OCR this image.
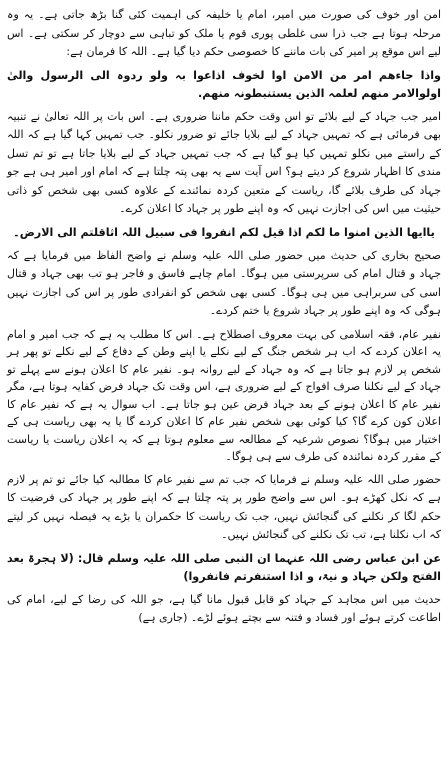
امن اور خوف کی صورت میں امیر، امام یا خلیفہ کی اہمیت کئی گنا بڑھ جاتی ہے۔ یہ وہ مرحلہ ہوتا ہے جب ذرا سی غلطی پوری قوم یا ملک کو تباہی سے دوچار کر سکتی ہے۔ اس لیے اس موقع پر امیر کی بات ماننے کا خصوصی حکم دیا گیا ہے۔ اللہ کا فرمان ہے:

واذا جاءھم امر من الامن اوا لخوف اذاعوا بہ ولو ردوہ الی الرسول والیٰ اولوالامر منھم لعلمہ الذین یستنبطونہ منھم.

امیر جب جہاد کے لیے بلائے تو اس وقت حکم ماننا ضروری ہے۔ اس بات پر اللہ تعالیٰ نے تنبیہ بھی فرمائی ہے کہ تمہیں جہاد کے لیے بلایا جائے تو ضرور نکلو۔ جب تمہیں کہا گیا ہے کہ اللہ کے راستے میں نکلو تمہیں کیا ہو گیا ہے کہ جب تمہیں جہاد کے لیے بلایا جاتا ہے تو تم تسل مندی کا اظہار شروع کر دیتے ہو؟ اس آیت سے یہ بھی پتہ چلتا ہے کہ امام اور امیر ہی ہے جو جہاد کی طرف بلائے گا، ریاست کے متعین کردہ نمائندے کے علاوہ کسی بھی شخص کو ذاتی حیثیت میں اس کی اجازت نہیں کہ وہ اپنے طور پر جہاد کا اعلان کرے۔

یاایھا الذین امنوا ما لکم اذا قیل لکم انفروا فی سبیل اللہ اثاقلتم الی الارض۔

صحیح بخاری کی حدیث میں حضور صلی اللہ علیہ وسلم نے واضح الفاظ میں فرمایا ہے کہ جہاد و قتال امام کی سرپرستی میں ہوگا۔ امام چاہے فاسق و فاجر ہو تب بھی جہاد و قتال اسی کی سربراہی میں ہی ہوگا۔ کسی بھی شخص کو انفرادی طور پر اس کی اجازت نہیں ہوگی کہ وہ اپنے طور پر جہاد شروع یا ختم کردے۔

نفیر عام، فقہ اسلامی کی بہت معروف اصطلاح ہے۔ اس کا مطلب یہ ہے کہ جب امیر و امام یہ اعلان کردے کہ اب ہر شخص جنگ کے لیے نکلے یا اپنے وطن کے دفاع کے لیے نکلے تو پھر ہر شخص پر لازم ہو جاتا ہے کہ وہ جہاد کے لیے روانہ ہو۔ نفیر عام کا اعلان ہونے سے پہلے تو جہاد کے لیے نکلنا صرف افواج کے لیے ضروری ہے، اس وقت تک جہاد فرض کفایہ ہوتا ہے، مگر نفیر عام کا اعلان ہونے کے بعد جہاد فرض عین ہو جاتا ہے۔ اب سوال یہ ہے کہ نفیر عام کا اعلان کون کرے گا؟ کیا کوئی بھی شخص نفیر عام کا اعلان کردے گا یا یہ بھی ریاست ہی کے اختیار میں ہوگا؟ نصوص شرعیہ کے مطالعہ سے معلوم ہوتا ہے کہ یہ اعلان ریاست یا ریاست کے مقرر کردہ نمائندہ کی طرف سے ہی ہوگا۔

حضور صلی اللہ علیہ وسلم نے فرمایا کہ جب تم سے نفیر عام کا مطالبہ کیا جائے تو تم پر لازم ہے کہ نکل کھڑے ہو۔ اس سے واضح طور پر پتہ چلتا ہے کہ اپنے طور پر جہاد کی فرضیت کا حکم لگا کر نکلنے کی گنجائش نہیں، جب تک ریاست کا حکمران یا بڑے یہ فیصلہ نہیں کر لیتے کہ اب نکلنا ہے، تب تک نکلنے کی گنجائش نہیں۔

عن ابن عباس رضی اللہ عنہما ان النبی صلی اللہ علیہ وسلم قال: (لا ہجرۃ بعد الفتح ولکن جہاد و نیۃ، و اذا استنفرتم فانفروا)

حدیث میں اس مجاہد کے جہاد کو قابل قبول مانا گیا ہے، جو اللہ کی رضا کے لیے، امام کی اطاعت کرتے ہوئے اور فساد و فتنہ سے بچتے ہوئے لڑے۔ (جاری ہے)
